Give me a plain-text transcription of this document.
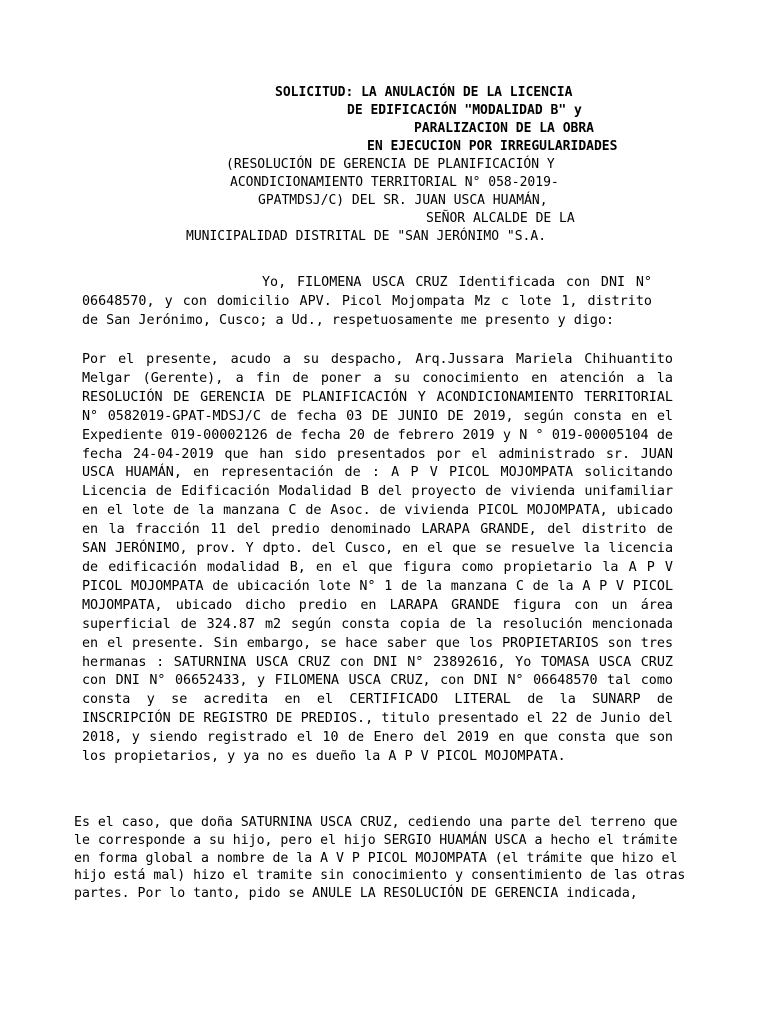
SOLICITUD: LA ANULACIÓN DE LA LICENCIA
DE EDIFICACIÓN "MODALIDAD B" y
PARALIZACION DE LA OBRA
EN EJECUCION POR IRREGULARIDADES
(RESOLUCIÓN DE GERENCIA DE PLANIFICACIÓN Y
ACONDICIONAMIENTO TERRITORIAL N° 058-2019-
GPATMDSJ/C) DEL SR. JUAN USCA HUAMÁN,
SEÑOR ALCALDE DE LA
MUNICIPALIDAD DISTRITAL DE "SAN JERÓNIMO "S.A.

Yo, FILOMENA USCA CRUZ Identificada con DNI N° 06648570, y con domicilio APV. Picol Mojompata Mz c lote 1, distrito de San Jerónimo, Cusco; a Ud., respetuosamente me presento y digo:

Por el presente, acudo a su despacho, Arq.Jussara Mariela Chihuantito Melgar (Gerente), a fin de poner a su conocimiento en atención a la RESOLUCIÓN DE GERENCIA DE PLANIFICACIÓN Y ACONDICIONAMIENTO TERRITORIAL N° 0582019-GPAT-MDSJ/C de fecha 03 DE JUNIO DE 2019, según consta en el Expediente 019-00002126 de fecha 20 de febrero 2019 y N ° 019-00005104 de fecha 24-04-2019 que han sido presentados por el administrado sr. JUAN USCA HUAMÁN, en representación de : A P V PICOL MOJOMPATA solicitando Licencia de Edificación Modalidad B del proyecto de vivienda unifamiliar en el lote de la manzana C de Asoc. de vivienda PICOL MOJOMPATA, ubicado en la fracción 11 del predio denominado LARAPA GRANDE, del distrito de SAN JERÓNIMO, prov. Y dpto. del Cusco, en el que se resuelve la licencia de edificación modalidad B, en el que figura como propietario la A P V PICOL MOJOMPATA de ubicación lote N° 1 de la manzana C de la A P V PICOL MOJOMPATA, ubicado dicho predio en LARAPA GRANDE figura con un área superficial de 324.87 m2 según consta copia de la resolución mencionada en el presente. Sin embargo, se hace saber que los PROPIETARIOS son tres hermanas : SATURNINA USCA CRUZ con DNI N° 23892616, Yo TOMASA USCA CRUZ con DNI N° 06652433, y FILOMENA USCA CRUZ, con DNI N° 06648570 tal como consta y se acredita en el CERTIFICADO LITERAL de la SUNARP de INSCRIPCIÓN DE REGISTRO DE PREDIOS., titulo presentado el 22 de Junio del 2018, y siendo registrado el 10 de Enero del 2019 en que consta que son los propietarios, y ya no es dueño la A P V PICOL MOJOMPATA.

Es el caso, que doña SATURNINA USCA CRUZ, cediendo una parte del terreno que le corresponde a su hijo, pero el hijo SERGIO HUAMÁN USCA a hecho el trámite en forma global a nombre de la A V P PICOL MOJOMPATA (el trámite que hizo el hijo está mal) hizo el tramite sin conocimiento y consentimiento de las otras partes. Por lo tanto, pido se ANULE LA RESOLUCIÓN DE GERENCIA indicada,
